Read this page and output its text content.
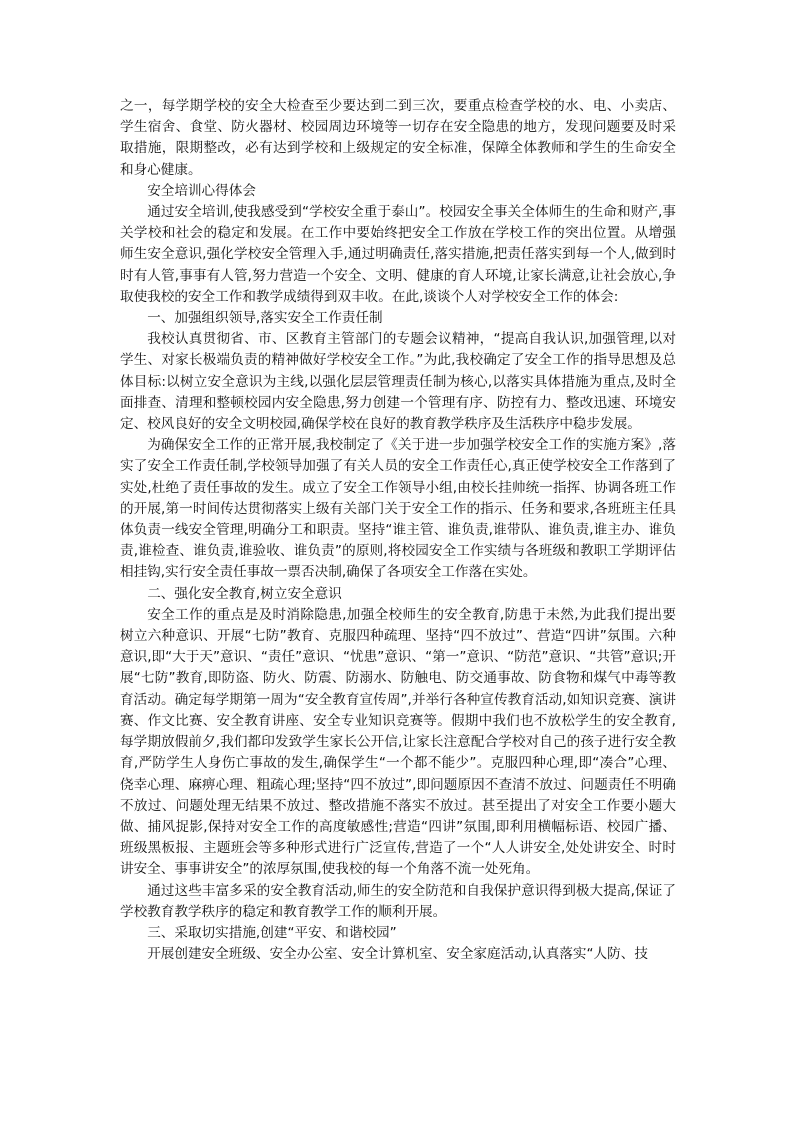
之一，每学期学校的安全大检查至少要达到二到三次，要重点检查学校的水、电、小卖店、学生宿舍、食堂、防火器材、校园周边环境等一切存在安全隐患的地方，发现问题要及时采取措施，限期整改，必有达到学校和上级规定的安全标准，保障全体教师和学生的生命安全和身心健康。

安全培训心得体会

通过安全培训,使我感受到“学校安全重于泰山”。校园安全事关全体师生的生命和财产,事关学校和社会的稳定和发展。在工作中要始终把安全工作放在学校工作的突出位置。从增强师生安全意识,强化学校安全管理入手,通过明确责任,落实措施,把责任落实到每一个人,做到时时有人管,事事有人管,努力营造一个安全、文明、健康的育人环境,让家长满意,让社会放心,争取使我校的安全工作和教学成绩得到双丰收。在此,谈谈个人对学校安全工作的体会:

一、加强组织领导,落实安全工作责任制

我校认真贯彻省、市、区教育主管部门的专题会议精神，“提高自我认识,加强管理,以对学生、对家长极端负责的精神做好学校安全工作。”为此,我校确定了安全工作的指导思想及总体目标:以树立安全意识为主线,以强化层层管理责任制为核心,以落实具体措施为重点,及时全面排查、清理和整顿校园内安全隐患,努力创建一个管理有序、防控有力、整改迅速、环境安定、校风良好的安全文明校园,确保学校在良好的教育教学秩序及生活秩序中稳步发展。

为确保安全工作的正常开展,我校制定了《关于进一步加强学校安全工作的实施方案》,落实了安全工作责任制,学校领导加强了有关人员的安全工作责任心,真正使学校安全工作落到了实处,杜绝了责任事故的发生。成立了安全工作领导小组,由校长挂帅统一指挥、协调各班工作的开展,第一时间传达贯彻落实上级有关部门关于安全工作的指示、任务和要求,各班班主任具体负责一线安全管理,明确分工和职责。坚持“谁主管、谁负责,谁带队、谁负责,谁主办、谁负责,谁检查、谁负责,谁验收、谁负责”的原则,将校园安全工作实绩与各班级和教职工学期评估相挂钩,实行安全责任事故一票否决制,确保了各项安全工作落在实处。

二、强化安全教育,树立安全意识

安全工作的重点是及时消除隐患,加强全校师生的安全教育,防患于未然,为此我们提出要树立六种意识、开展“七防”教育、克服四种疏理、坚持“四不放过”、营造“四讲”氛围。六种意识,即“大于天”意识、“责任”意识、“忧患”意识、“第一”意识、“防范”意识、“共管”意识;开展“七防”教育,即防盗、防火、防震、防溺水、防触电、防交通事故、防食物和煤气中毒等教育活动。确定每学期第一周为“安全教育宣传周”,并举行各种宣传教育活动,如知识竞赛、演讲赛、作文比赛、安全教育讲座、安全专业知识竞赛等。假期中我们也不放松学生的安全教育,每学期放假前夕,我们都印发致学生家长公开信,让家长注意配合学校对自己的孩子进行安全教育,严防学生人身伤亡事故的发生,确保学生“一个都不能少”。克服四种心理,即“凑合”心理、侥幸心理、麻痹心理、粗疏心理;坚持“四不放过”,即问题原因不查清不放过、问题责任不明确不放过、问题处理无结果不放过、整改措施不落实不放过。甚至提出了对安全工作要小题大做、捕风捉影,保持对安全工作的高度敏感性;营造“四讲”氛围,即利用横幅标语、校园广播、班级黑板报、主题班会等多种形式进行广泛宣传,营造了一个“人人讲安全,处处讲安全、时时讲安全、事事讲安全”的浓厚氛围,使我校的每一个角落不流一处死角。

通过这些丰富多采的安全教育活动,师生的安全防范和自我保护意识得到极大提高,保证了学校教育教学秩序的稳定和教育教学工作的顺利开展。

三、采取切实措施,创建“平安、和谐校园”

开展创建安全班级、安全办公室、安全计算机室、安全家庭活动,认真落实“人防、技
